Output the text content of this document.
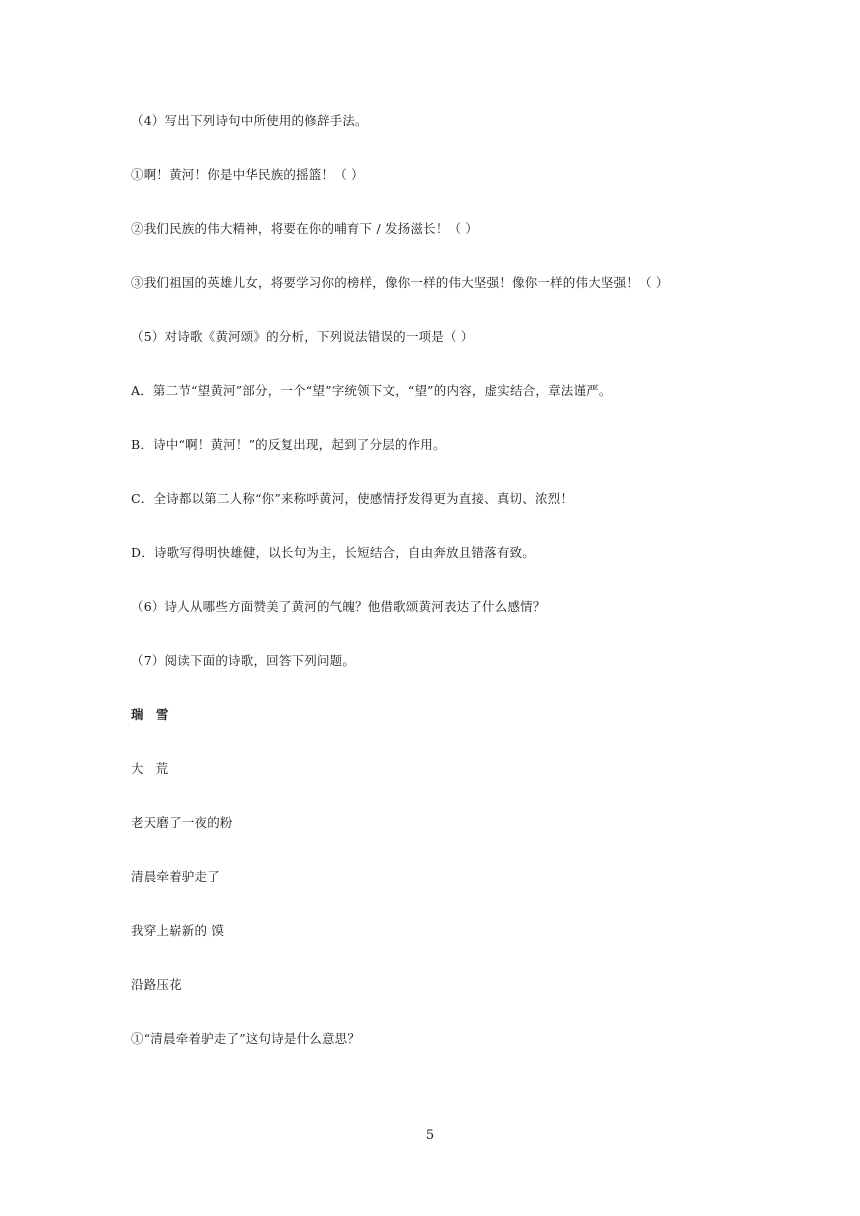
（4）写出下列诗句中所使用的修辞手法。
①啊！黄河！你是中华民族的摇篮！（ ）
②我们民族的伟大精神，将要在你的哺育下 / 发扬滋长！（ ）
③我们祖国的英雄儿女，将要学习你的榜样，像你一样的伟大坚强！像你一样的伟大坚强！（ ）
（5）对诗歌《黄河颂》的分析，下列说法错误的一项是（ ）
A．第二节“望黄河”部分，一个“望”字统领下文，“望”的内容，虚实结合，章法谨严。
B．诗中“啊！黄河！”的反复出现，起到了分层的作用。
C．全诗都以第二人称“你”来称呼黄河，使感情抒发得更为直接、真切、浓烈！
D．诗歌写得明快雄健，以长句为主，长短结合，自由奔放且错落有致。
（6）诗人从哪些方面赞美了黄河的气魄？他借歌颂黄河表达了什么感情？
（7）阅读下面的诗歌，回答下列问题。
瑞 雪
大 荒
老天磨了一夜的粉
清晨牵着驴走了
我穿上崭新的 馍
沿路压花
①“清晨牵着驴走了”这句诗是什么意思？
5
